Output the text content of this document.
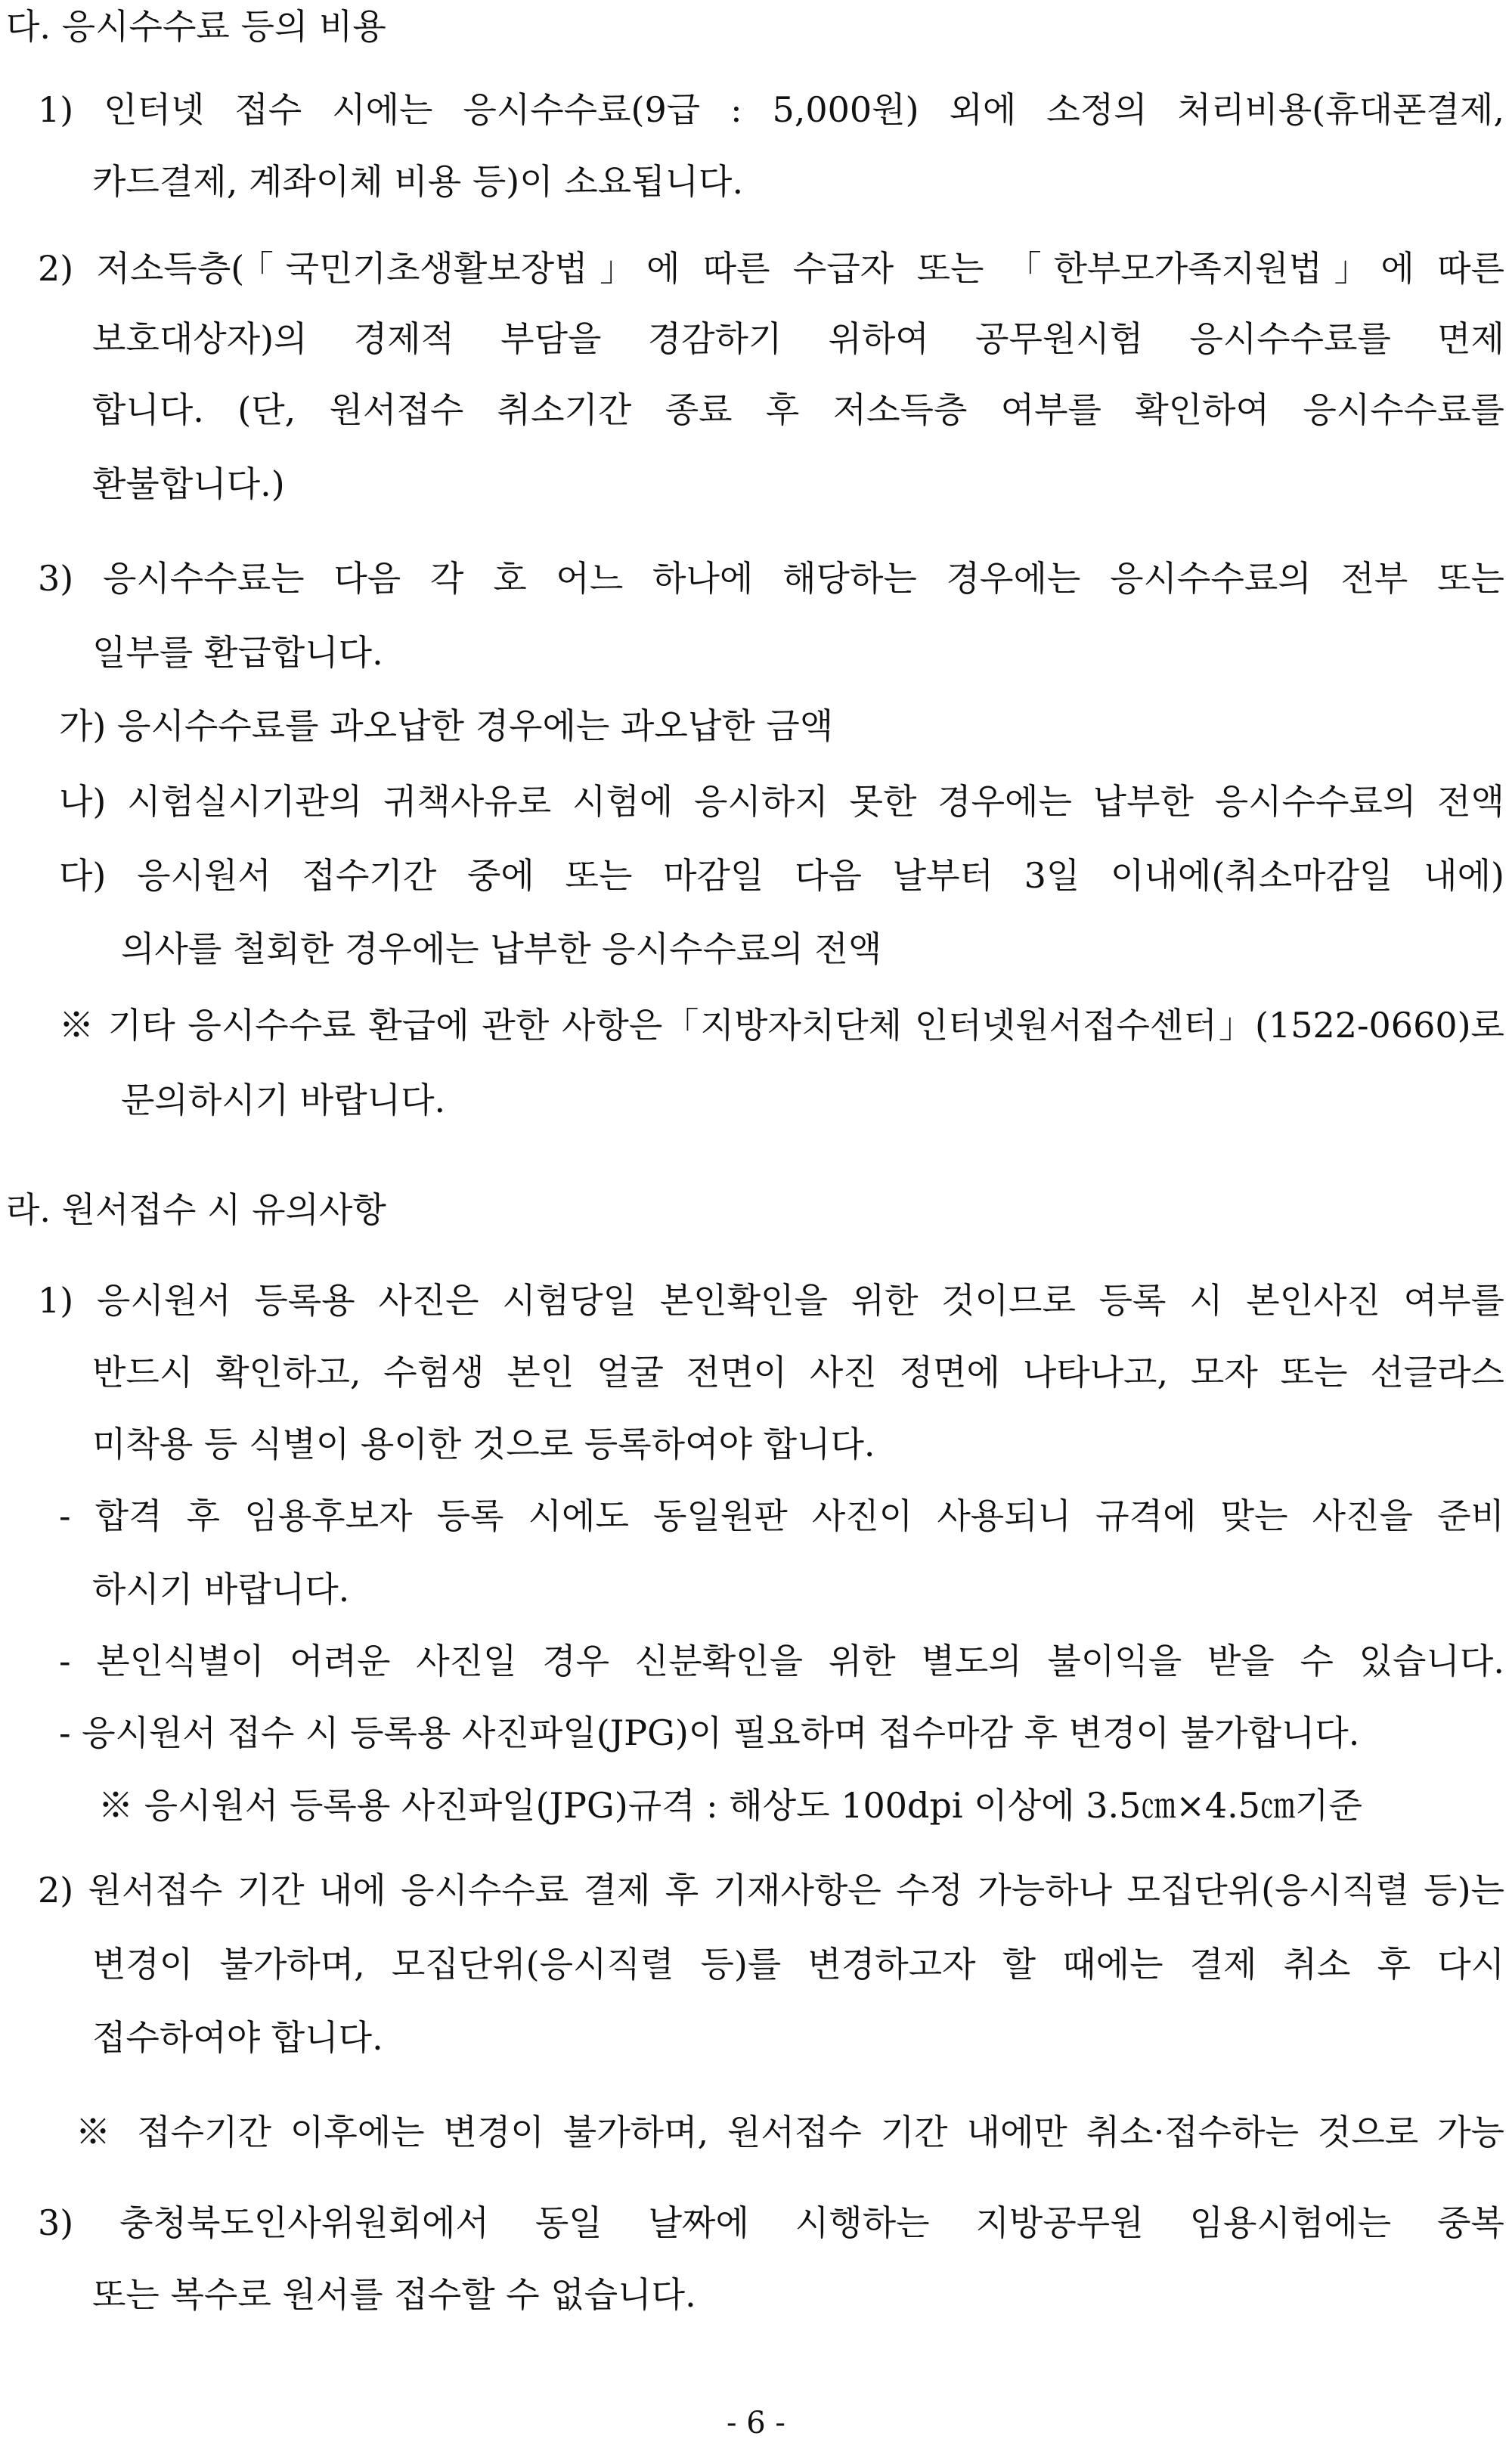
다. 응시수수료 등의 비용

1) 인터넷 접수 시에는 응시수수료(9급 : 5,000원) 외에 소정의 처리비용(휴대폰결제,

카드결제, 계좌이체 비용 등)이 소요됩니다.

2) 저소득층(「국민기초생활보장법」에 따른 수급자 또는 「한부모가족지원법」에 따른

보호대상자)의 경제적 부담을 경감하기 위하여 공무원시험 응시수수료를 면제

합니다. (단, 원서접수 취소기간 종료 후 저소득층 여부를 확인하여 응시수수료를

환불합니다.)

3) 응시수수료는 다음 각 호 어느 하나에 해당하는 경우에는 응시수수료의 전부 또는

일부를 환급합니다.

가) 응시수수료를 과오납한 경우에는 과오납한 금액

나) 시험실시기관의 귀책사유로 시험에 응시하지 못한 경우에는 납부한 응시수수료의 전액

다) 응시원서 접수기간 중에 또는 마감일 다음 날부터 3일 이내에(취소마감일 내에)

의사를 철회한 경우에는 납부한 응시수수료의 전액

※ 기타 응시수수료 환급에 관한 사항은「지방자치단체 인터넷원서접수센터」(1522-0660)로

문의하시기 바랍니다.

라. 원서접수 시 유의사항

1) 응시원서 등록용 사진은 시험당일 본인확인을 위한 것이므로 등록 시 본인사진 여부를

반드시 확인하고, 수험생 본인 얼굴 전면이 사진 정면에 나타나고, 모자 또는 선글라스

미착용 등 식별이 용이한 것으로 등록하여야 합니다.

- 합격 후 임용후보자 등록 시에도 동일원판 사진이 사용되니 규격에 맞는 사진을 준비

하시기 바랍니다.

- 본인식별이 어려운 사진일 경우 신분확인을 위한 별도의 불이익을 받을 수 있습니다.

- 응시원서 접수 시 등록용 사진파일(JPG)이 필요하며 접수마감 후 변경이 불가합니다.

※ 응시원서 등록용 사진파일(JPG)규격 : 해상도 100dpi 이상에 3.5㎝×4.5㎝기준

2) 원서접수 기간 내에 응시수수료 결제 후 기재사항은 수정 가능하나 모집단위(응시직렬 등)는

변경이 불가하며, 모집단위(응시직렬 등)를 변경하고자 할 때에는 결제 취소 후 다시

접수하여야 합니다.

※ 접수기간 이후에는 변경이 불가하며, 원서접수 기간 내에만 취소·접수하는 것으로 가능

3) 충청북도인사위원회에서 동일 날짜에 시행하는 지방공무원 임용시험에는 중복

또는 복수로 원서를 접수할 수 없습니다.

- 6 -
